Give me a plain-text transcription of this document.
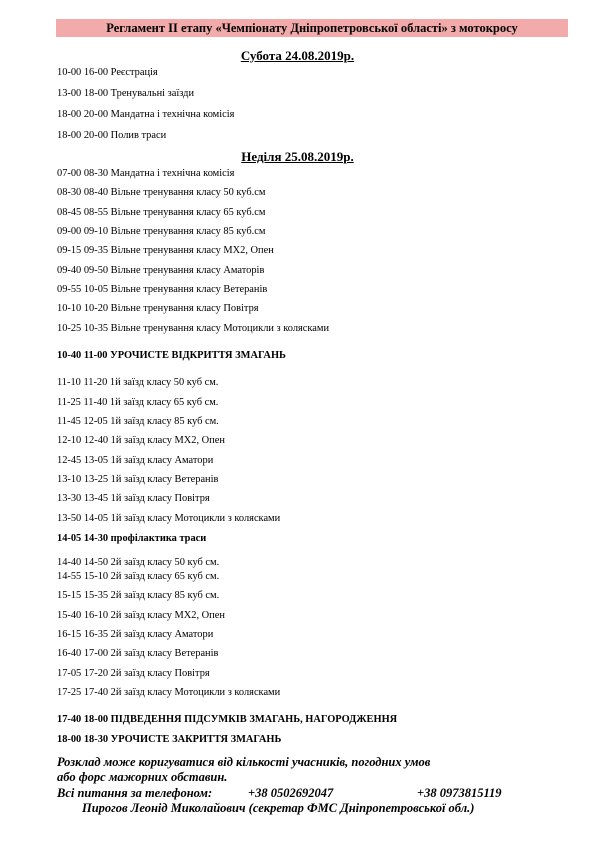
Регламент ІІ етапу «Чемпіонату Дніпропетровської області» з мотокросу
Субота 24.08.2019р.
10-00 16-00 Реєстрація
13-00 18-00 Тренувальні заїзди
18-00 20-00 Мандатна і технічна комісія
18-00 20-00 Полив траси
Неділя 25.08.2019р.
07-00 08-30 Мандатна і технічна комісія
08-30 08-40 Вільне тренування класу 50 куб.см
08-45 08-55 Вільне тренування класу 65 куб.см
09-00 09-10 Вільне тренування класу 85 куб.см
09-15 09-35 Вільне тренування класу МХ2, Опен
09-40 09-50 Вільне тренування класу Аматорів
09-55 10-05 Вільне тренування класу Ветеранів
10-10 10-20 Вільне тренування класу Повітря
10-25 10-35 Вільне тренування класу Мотоцикли з колясками
10-40 11-00 УРОЧИСТЕ ВІДКРИТТЯ ЗМАГАНЬ
11-10 11-20 1й заїзд класу 50 куб см.
11-25 11-40 1й заїзд класу 65 куб см.
11-45 12-05 1й заїзд класу 85 куб см.
12-10 12-40 1й заїзд класу МХ2, Опен
12-45 13-05 1й заїзд класу Аматори
13-10 13-25 1й заїзд класу Ветеранів
13-30 13-45 1й заїзд класу Повітря
13-50 14-05 1й заїзд класу Мотоцикли з колясками
14-05 14-30 профілактика траси
14-40 14-50 2й заїзд класу 50 куб см.
14-55 15-10 2й заїзд класу 65 куб см.
15-15 15-35 2й заїзд класу 85 куб см.
15-40 16-10 2й заїзд класу МХ2, Опен
16-15 16-35 2й заїзд класу Аматори
16-40 17-00 2й заїзд класу Ветеранів
17-05 17-20 2й заїзд класу Повітря
17-25 17-40 2й заїзд класу Мотоцикли з колясками
17-40 18-00 ПІДВЕДЕННЯ ПІДСУМКІВ ЗМАГАНЬ, НАГОРОДЖЕННЯ
18-00 18-30 УРОЧИСТЕ ЗАКРИТТЯ ЗМАГАНЬ
Розклад може коригуватися від кількості учасників, погодних умов
або форс мажорних обставин.
Всі питання за телефоном:	+38 0502692047	+38 0973815119
Пирогов Леонід Миколайович (секретар ФМС Дніпропетровської обл.)
